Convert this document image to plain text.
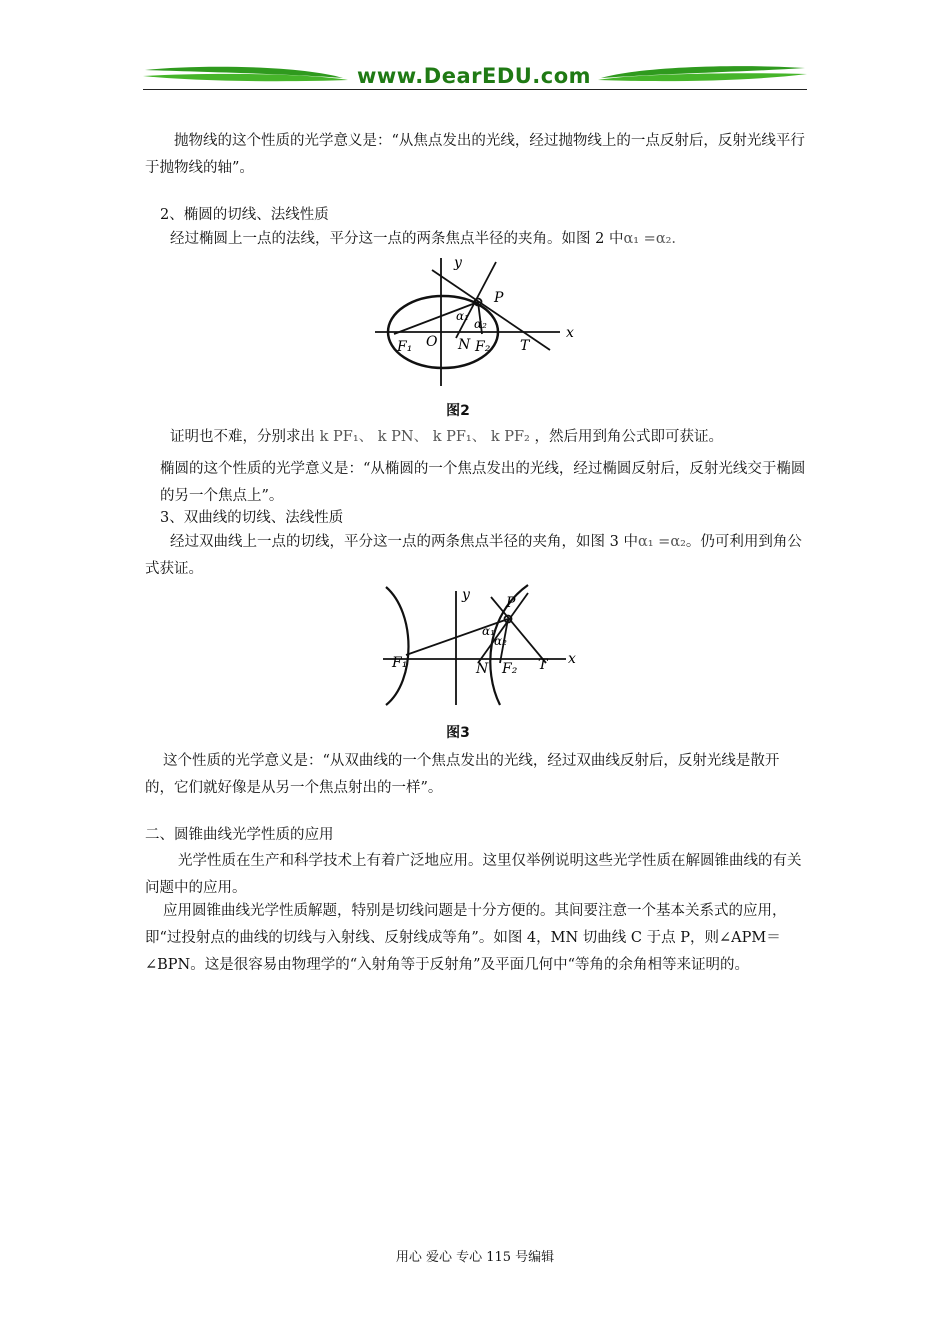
www.DearEDU.com
抛物线的这个性质的光学意义是：“从焦点发出的光线，经过抛物线上的一点反射后，反射光线平行于抛物线的轴”。
2、椭圆的切线、法线性质
经过椭圆上一点的法线，平分这一点的两条焦点半径的夹角。如图 2 中α₁ =α₂.
y
x
P
α₁
α₂
F₁ O N F₂ T
图2
证明也不难，分别求出 k PF₁、 k PN、 k PF₁、 k PF₂ ，然后用到角公式即可获证。
椭圆的这个性质的光学意义是：“从椭圆的一个焦点发出的光线，经过椭圆反射后，反射光线交于椭圆的另一个焦点上”。
3、双曲线的切线、法线性质
经过双曲线上一点的切线，平分这一点的两条焦点半径的夹角，如图 3 中α₁ =α₂。仍可利用到角公式获证。
y
x
P
α₁
α₂
F₁	N F₂ T
图3
这个性质的光学意义是：“从双曲线的一个焦点发出的光线，经过双曲线反射后，反射光线是散开的，它们就好像是从另一个焦点射出的一样”。
二、圆锥曲线光学性质的应用
光学性质在生产和科学技术上有着广泛地应用。这里仅举例说明这些光学性质在解圆锥曲线的有关问题中的应用。
应用圆锥曲线光学性质解题，特别是切线问题是十分方便的。其间要注意一个基本关系式的应用，即“过投射点的曲线的切线与入射线、反射线成等角”。如图 4，MN 切曲线 C 于点 P，则∠APM＝∠BPN。这是很容易由物理学的“入射角等于反射角”及平面几何中“等角的余角相等来证明的。
用心 爱心 专心 115 号编辑
